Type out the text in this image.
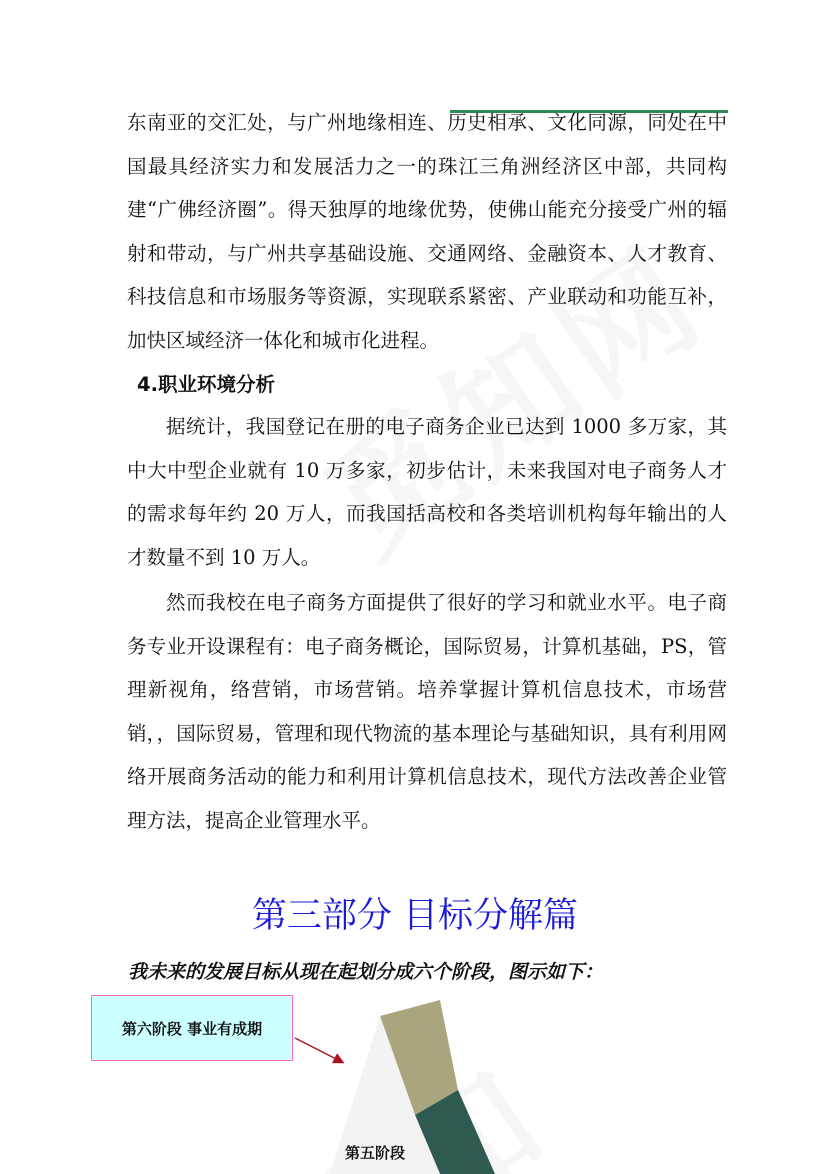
东南亚的交汇处，与广州地缘相连、历史相承、文化同源，同处在中国最具经济实力和发展活力之一的珠江三角洲经济区中部，共同构建“广佛经济圈”。得天独厚的地缘优势，使佛山能充分接受广州的辐射和带动，与广州共享基础设施、交通网络、金融资本、人才教育、科技信息和市场服务等资源，实现联系紧密、产业联动和功能互补，加快区域经济一体化和城市化进程。

4.职业环境分析

据统计，我国登记在册的电子商务企业已达到 1000 多万家，其中大中型企业就有 10 万多家，初步估计，未来我国对电子商务人才的需求每年约 20 万人，而我国括高校和各类培训机构每年输出的人才数量不到 10 万人。

然而我校在电子商务方面提供了很好的学习和就业水平。电子商务专业开设课程有：电子商务概论，国际贸易，计算机基础，PS，管理新视角，络营销，市场营销。培养掌握计算机信息技术，市场营销，，国际贸易，管理和现代物流的基本理论与基础知识，具有利用网络开展商务活动的能力和利用计算机信息技术，现代方法改善企业管理方法，提高企业管理水平。

第三部分 目标分解篇

我未来的发展目标从现在起划分成六个阶段，图示如下：

第六阶段 事业有成期
第五阶段
